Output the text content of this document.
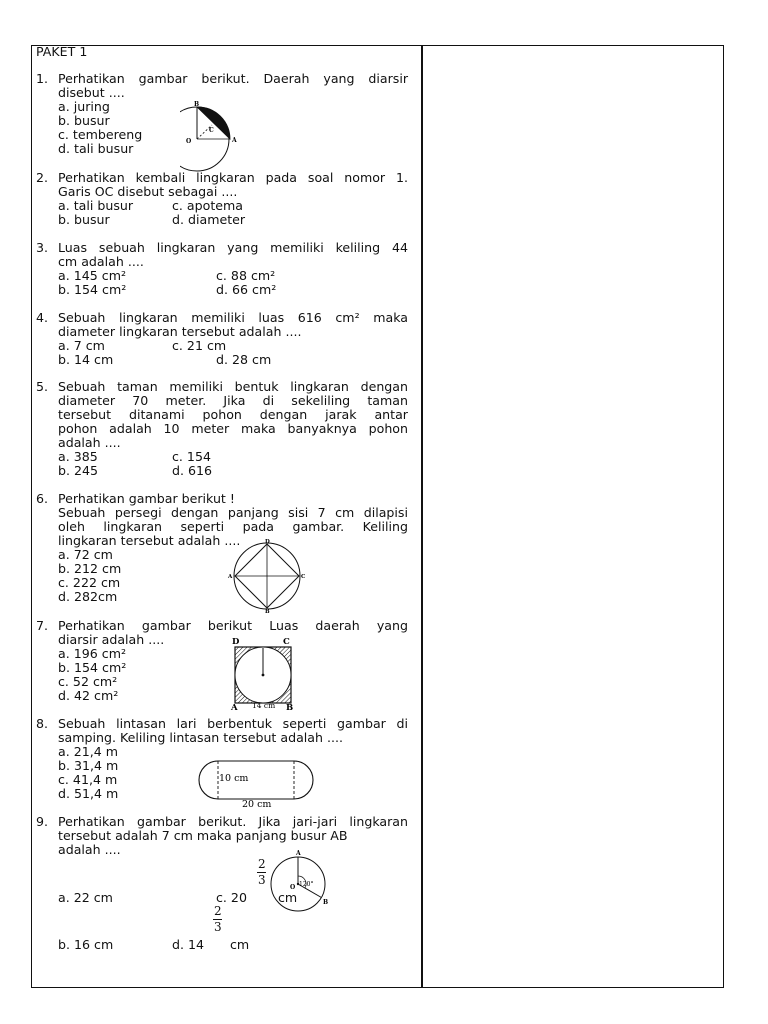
PAKET 1
1. Perhatikan gambar berikut. Daerah yang diarsir
disebut ....
a. juring
b. busur
c. tembereng
d. tali busur
B
O
C
A
2. Perhatikan kembali lingkaran pada soal nomor 1.
Garis OC disebut sebagai ....
a. tali busur	c. apotema
b. busur	d. diameter
3. Luas sebuah lingkaran yang memiliki keliling 44
cm adalah ....
a. 145 cm²	c. 88 cm²
b. 154 cm²	d. 66 cm²
4. Sebuah lingkaran memiliki luas 616 cm² maka
diameter lingkaran tersebut adalah ....
a. 7 cm	c. 21 cm
b. 14 cm	d. 28 cm
5. Sebuah taman memiliki bentuk lingkaran dengan
diameter 70 meter. Jika di sekeliling taman
tersebut ditanami pohon dengan jarak antar
pohon adalah 10 meter maka banyaknya pohon
adalah ....
a. 385	c. 154
b. 245	d. 616
6. Perhatikan gambar berikut !
Sebuah persegi dengan panjang sisi 7 cm dilapisi
oleh lingkaran seperti pada gambar. Keliling
lingkaran tersebut adalah ....
a. 72 cm
b. 212 cm
c. 222 cm
d. 282cm
D
A	C
B
7. Perhatikan gambar berikut Luas daerah yang
diarsir adalah ....
a. 196 cm²
b. 154 cm²
c. 52 cm²
d. 42 cm²
D	C
A 14 cm B
8. Sebuah lintasan lari berbentuk seperti gambar di
samping. Keliling lintasan tersebut adalah ....
a. 21,4 m
b. 31,4 m
c. 41,4 m
d. 51,4 m
10 cm
20 cm
9. Perhatikan gambar berikut. Jika jari-jari lingkaran
tersebut adalah 7 cm maka panjang busur AB
adalah ....
a. 22 cm	c. 20
2
3
cm
2
3
b. 16 cm	d. 14 cm
A
O 120°
B
